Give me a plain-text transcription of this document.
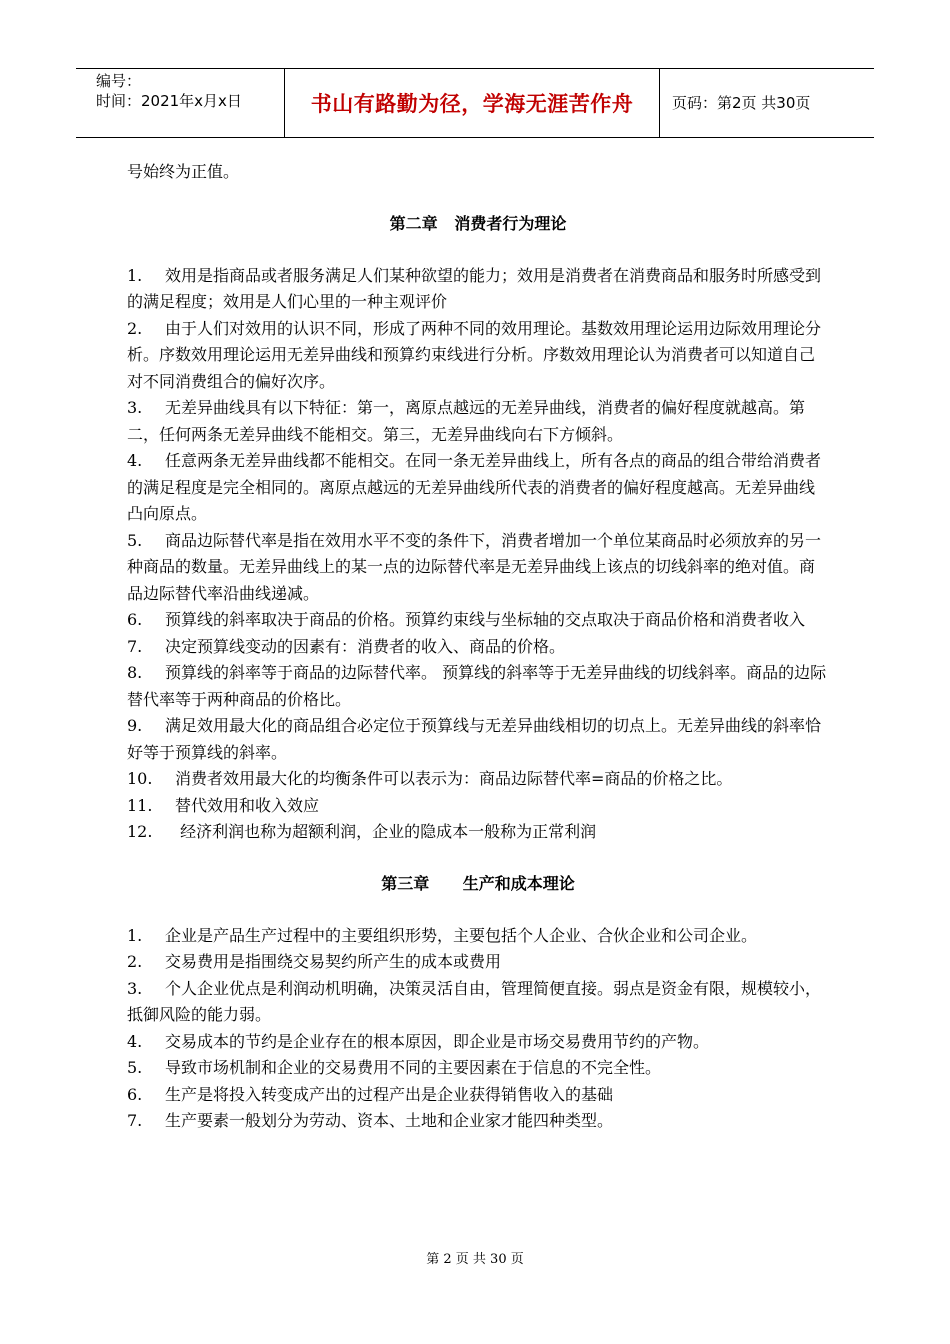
编号：
时间：2021年x月x日	书山有路勤为径，学海无涯苦作舟	页码：第2页 共30页

号始终为正值。

第二章   消费者行为理论

1. 效用是指商品或者服务满足人们某种欲望的能力；效用是消费者在消费商品和服务时所感受到的满足程度；效用是人们心里的一种主观评价

2. 由于人们对效用的认识不同，形成了两种不同的效用理论。基数效用理论运用边际效用理论分析。序数效用理论运用无差异曲线和预算约束线进行分析。序数效用理论认为消费者可以知道自己对不同消费组合的偏好次序。

3. 无差异曲线具有以下特征：第一，离原点越远的无差异曲线，消费者的偏好程度就越高。第二，任何两条无差异曲线不能相交。第三，无差异曲线向右下方倾斜。

4. 任意两条无差异曲线都不能相交。在同一条无差异曲线上，所有各点的商品的组合带给消费者的满足程度是完全相同的。离原点越远的无差异曲线所代表的消费者的偏好程度越高。无差异曲线凸向原点。

5. 商品边际替代率是指在效用水平不变的条件下，消费者增加一个单位某商品时必须放弃的另一种商品的数量。无差异曲线上的某一点的边际替代率是无差异曲线上该点的切线斜率的绝对值。商品边际替代率沿曲线递减。

6. 预算线的斜率取决于商品的价格。预算约束线与坐标轴的交点取决于商品价格和消费者收入

7. 决定预算线变动的因素有：消费者的收入、商品的价格。

8. 预算线的斜率等于商品的边际替代率。 预算线的斜率等于无差异曲线的切线斜率。商品的边际替代率等于两种商品的价格比。

9. 满足效用最大化的商品组合必定位于预算线与无差异曲线相切的切点上。无差异曲线的斜率恰好等于预算线的斜率。

10. 消费者效用最大化的均衡条件可以表示为：商品边际替代率=商品的价格之比。

11. 替代效用和收入效应

12. 经济利润也称为超额利润，企业的隐成本一般称为正常利润

第三章      生产和成本理论

1. 企业是产品生产过程中的主要组织形势，主要包括个人企业、合伙企业和公司企业。

2. 交易费用是指围绕交易契约所产生的成本或费用

3. 个人企业优点是利润动机明确，决策灵活自由，管理简便直接。弱点是资金有限，规模较小，抵御风险的能力弱。

4. 交易成本的节约是企业存在的根本原因，即企业是市场交易费用节约的产物。

5. 导致市场机制和企业的交易费用不同的主要因素在于信息的不完全性。

6. 生产是将投入转变成产出的过程产出是企业获得销售收入的基础

7. 生产要素一般划分为劳动、资本、土地和企业家才能四种类型。

第 2 页 共 30 页
